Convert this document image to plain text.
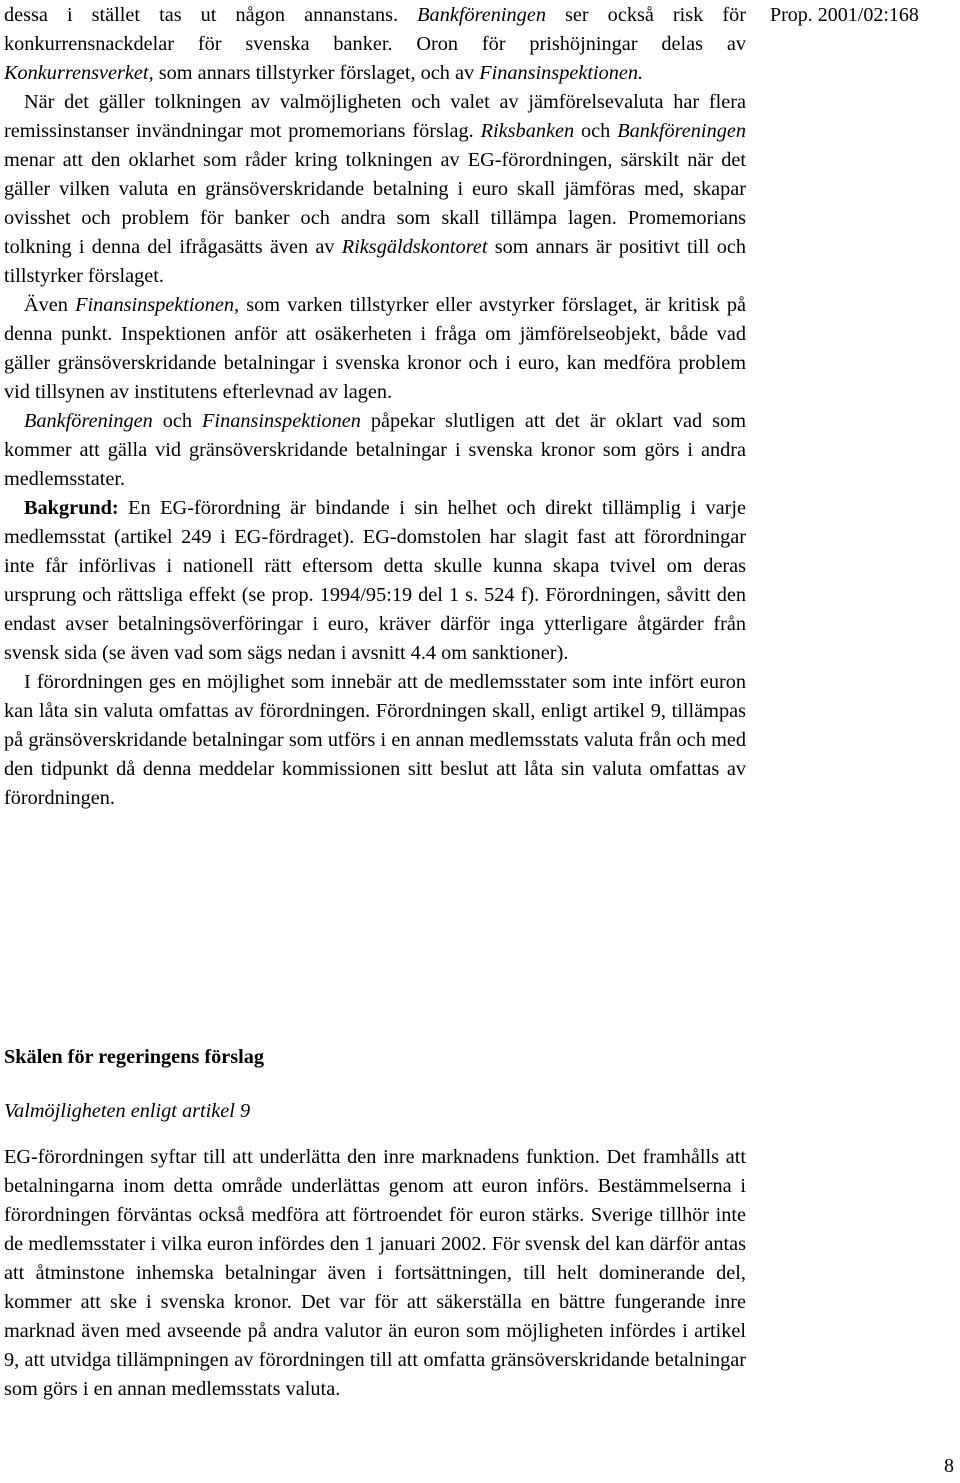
Prop. 2001/02:168

dessa i stället tas ut någon annanstans. Bankföreningen ser också risk för konkurrensnackdelar för svenska banker. Oron för prishöjningar delas av Konkurrensverket, som annars tillstyrker förslaget, och av Finansinspektionen.

När det gäller tolkningen av valmöjligheten och valet av jämförelsevaluta har flera remissinstanser invändningar mot promemorians förslag. Riksbanken och Bankföreningen menar att den oklarhet som råder kring tolkningen av EG-förordningen, särskilt när det gäller vilken valuta en gränsöverskridande betalning i euro skall jämföras med, skapar ovisshet och problem för banker och andra som skall tillämpa lagen. Promemorians tolkning i denna del ifrågasätts även av Riksgäldskontoret som annars är positivt till och tillstyrker förslaget.

Även Finansinspektionen, som varken tillstyrker eller avstyrker förslaget, är kritisk på denna punkt. Inspektionen anför att osäkerheten i fråga om jämförelseobjekt, både vad gäller gränsöverskridande betalningar i svenska kronor och i euro, kan medföra problem vid tillsynen av institutens efterlevnad av lagen.

Bankföreningen och Finansinspektionen påpekar slutligen att det är oklart vad som kommer att gälla vid gränsöverskridande betalningar i svenska kronor som görs i andra medlemsstater.

Bakgrund: En EG-förordning är bindande i sin helhet och direkt tillämplig i varje medlemsstat (artikel 249 i EG-fördraget). EG-domstolen har slagit fast att förordningar inte får införlivas i nationell rätt eftersom detta skulle kunna skapa tvivel om deras ursprung och rättsliga effekt (se prop. 1994/95:19 del 1 s. 524 f). Förordningen, såvitt den endast avser betalningsöverföringar i euro, kräver därför inga ytterligare åtgärder från svensk sida (se även vad som sägs nedan i avsnitt 4.4 om sanktioner).

I förordningen ges en möjlighet som innebär att de medlemsstater som inte infört euron kan låta sin valuta omfattas av förordningen. Förordningen skall, enligt artikel 9, tillämpas på gränsöverskridande betalningar som utförs i en annan medlemsstats valuta från och med den tidpunkt då denna meddelar kommissionen sitt beslut att låta sin valuta omfattas av förordningen.

Skälen för regeringens förslag
Valmöjligheten enligt artikel 9

EG-förordningen syftar till att underlätta den inre marknadens funktion. Det framhålls att betalningarna inom detta område underlättas genom att euron införs. Bestämmelserna i förordningen förväntas också medföra att förtroendet för euron stärks. Sverige tillhör inte de medlemsstater i vilka euron infördes den 1 januari 2002. För svensk del kan därför antas att åtminstone inhemska betalningar även i fortsättningen, till helt dominerande del, kommer att ske i svenska kronor. Det var för att säkerställa en bättre fungerande inre marknad även med avseende på andra valutor än euron som möjligheten infördes i artikel 9, att utvidga tillämpningen av förordningen till att omfatta gränsöverskridande betalningar som görs i en annan medlemsstats valuta.

8
